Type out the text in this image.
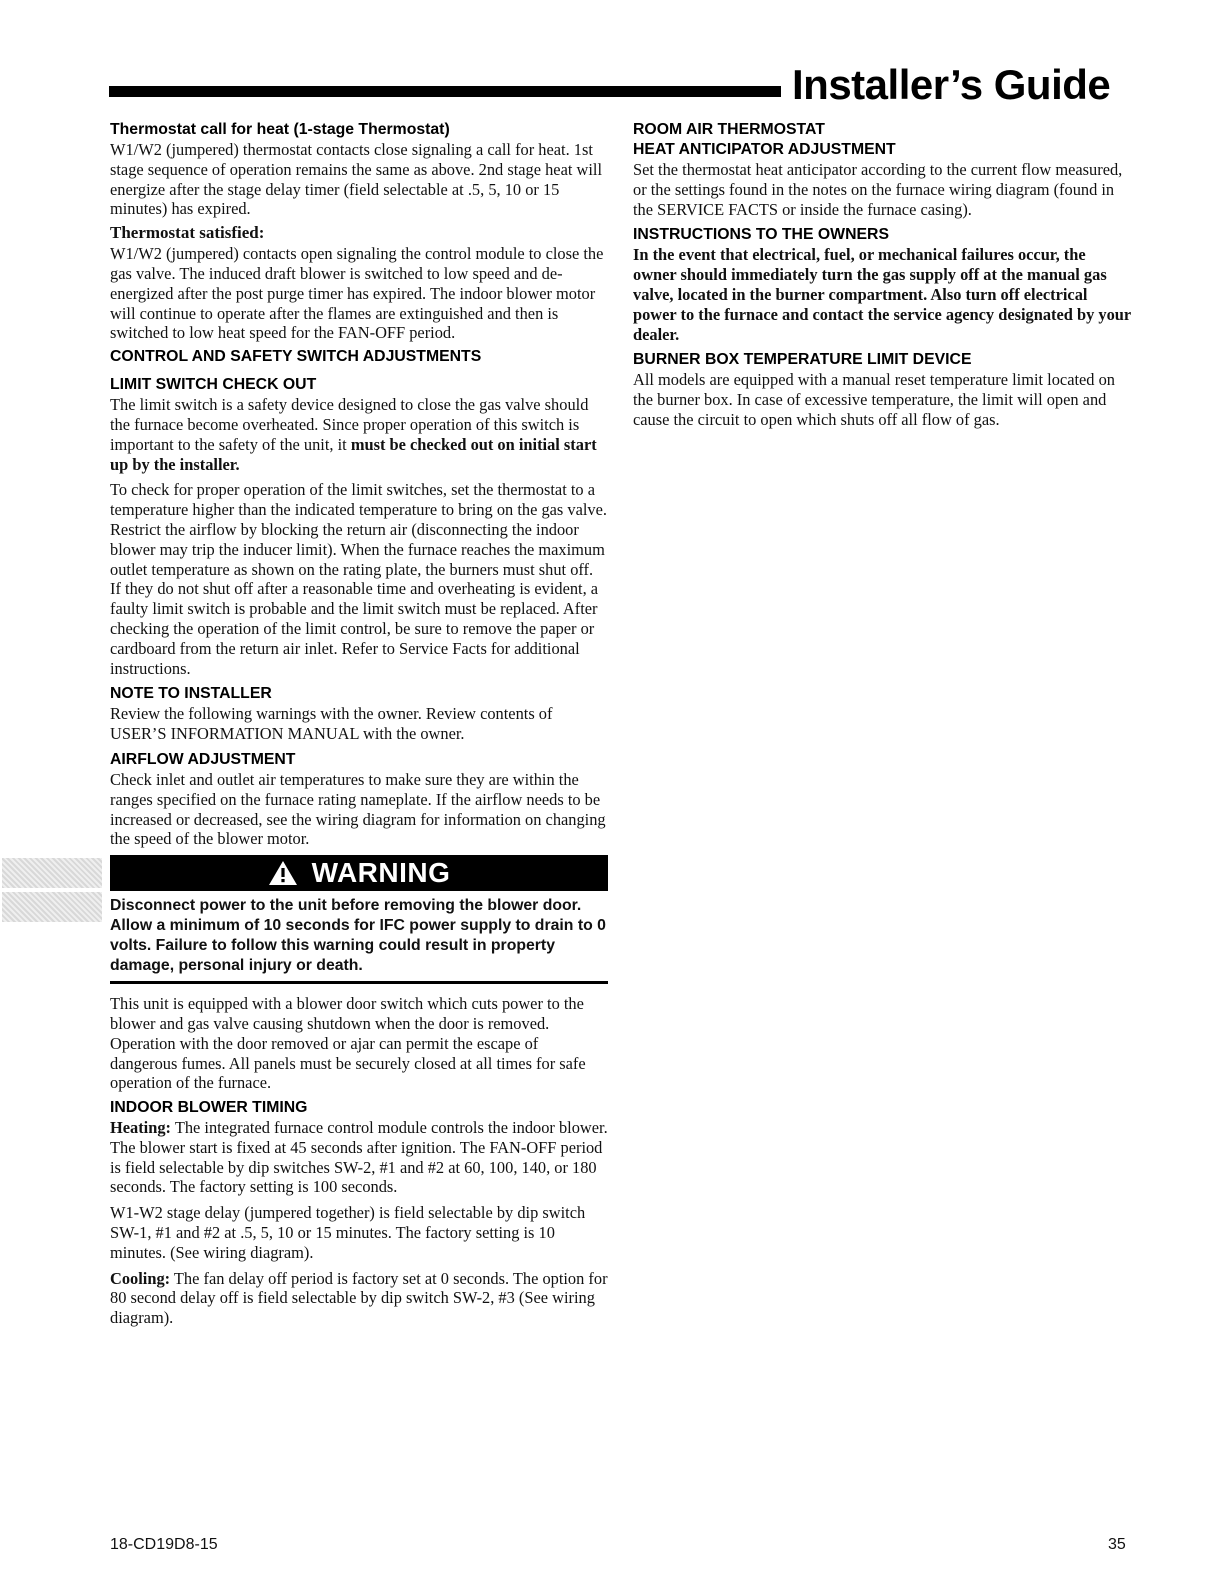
Installer’s Guide
Thermostat call for heat (1-stage Thermostat)

W1/W2 (jumpered) thermostat contacts close signaling a call for heat. 1st stage sequence of operation remains the same as above. 2nd stage heat will energize after the stage delay timer (field selectable at .5, 5, 10 or 15 minutes) has expired.

Thermostat satisfied:

W1/W2 (jumpered) contacts open signaling the control module to close the gas valve. The induced draft blower is switched to low speed and de-energized after the post purge timer has expired. The indoor blower motor will continue to operate after the flames are extinguished and then is switched to low heat speed for the FAN-OFF period.

CONTROL AND SAFETY SWITCH ADJUSTMENTS
LIMIT SWITCH CHECK OUT

The limit switch is a safety device designed to close the gas valve should the furnace become overheated. Since proper operation of this switch is important to the safety of the unit, it must be checked out on initial start up by the installer.

To check for proper operation of the limit switches, set the thermostat to a temperature higher than the indicated temperature to bring on the gas valve. Restrict the airflow by blocking the return air (disconnecting the indoor blower may trip the inducer limit). When the furnace reaches the maximum outlet temperature as shown on the rating plate, the burners must shut off. If they do not shut off after a reasonable time and overheating is evident, a faulty limit switch is probable and the limit switch must be replaced. After checking the operation of the limit control, be sure to remove the paper or cardboard from the return air inlet. Refer to Service Facts for additional instructions.

NOTE TO INSTALLER

Review the following warnings with the owner. Review contents of USER’S INFORMATION MANUAL with the owner.

AIRFLOW ADJUSTMENT

Check inlet and outlet air temperatures to make sure they are within the ranges specified on the furnace rating nameplate. If the airflow needs to be increased or decreased, see the wiring diagram for information on changing the speed of the blower motor.

WARNING
Disconnect power to the unit before removing the blower door. Allow a minimum of 10 seconds for IFC power supply to drain to 0 volts. Failure to follow this warning could result in property damage, personal injury or death.

This unit is equipped with a blower door switch which cuts power to the blower and gas valve causing shutdown when the door is removed. Operation with the door removed or ajar can permit the escape of dangerous fumes. All panels must be securely closed at all times for safe operation of the furnace.

INDOOR BLOWER TIMING

Heating: The integrated furnace control module controls the indoor blower. The blower start is fixed at 45 seconds after ignition. The FAN-OFF period is field selectable by dip switches SW-2, #1 and #2 at 60, 100, 140, or 180 seconds. The factory setting is 100 seconds.

W1-W2 stage delay (jumpered together) is field selectable by dip switch SW-1, #1 and #2 at .5, 5, 10 or 15 minutes. The factory setting is 10 minutes. (See wiring diagram).

Cooling: The fan delay off period is factory set at 0 seconds. The option for 80 second delay off is field selectable by dip switch SW-2, #3 (See wiring diagram).

ROOM AIR THERMOSTAT
HEAT ANTICIPATOR ADJUSTMENT

Set the thermostat heat anticipator according to the current flow measured, or the settings found in the notes on the furnace wiring diagram (found in the SERVICE FACTS or inside the furnace casing).

INSTRUCTIONS TO THE OWNERS

In the event that electrical, fuel, or mechanical failures occur, the owner should immediately turn the gas supply off at the manual gas valve, located in the burner compartment. Also turn off electrical power to the furnace and contact the service agency designated by your dealer.

BURNER BOX TEMPERATURE LIMIT DEVICE

All models are equipped with a manual reset temperature limit located on the burner box. In case of excessive temperature, the limit will open and cause the circuit to open which shuts off all flow of gas.

18-CD19D8-15	35
